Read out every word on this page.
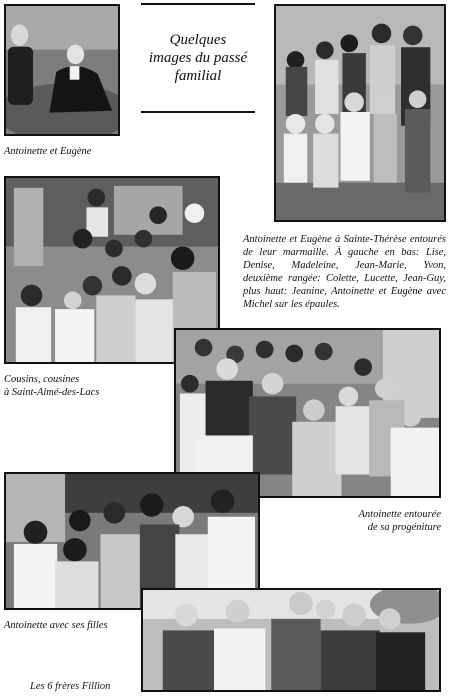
Quelques
images du passé
familial

Antoinette et Eugène

Antoinette et Eugène à Sainte-Thérèse entourés de leur marmaille. À gauche en bas: Lise, Denise, Madeleine, Jean-Marie, Yvon, deuxième rangée: Colette, Lucette, Jean-Guy, plus haut: Jeanine, Antoinette et Eugène avec Michel sur les épaules.

Cousins, cousines
à Saint-Aimé-des-Lacs

Antoinette entourée
de sa progéniture

Antoinette avec ses filles

Les 6 frères Fillion
